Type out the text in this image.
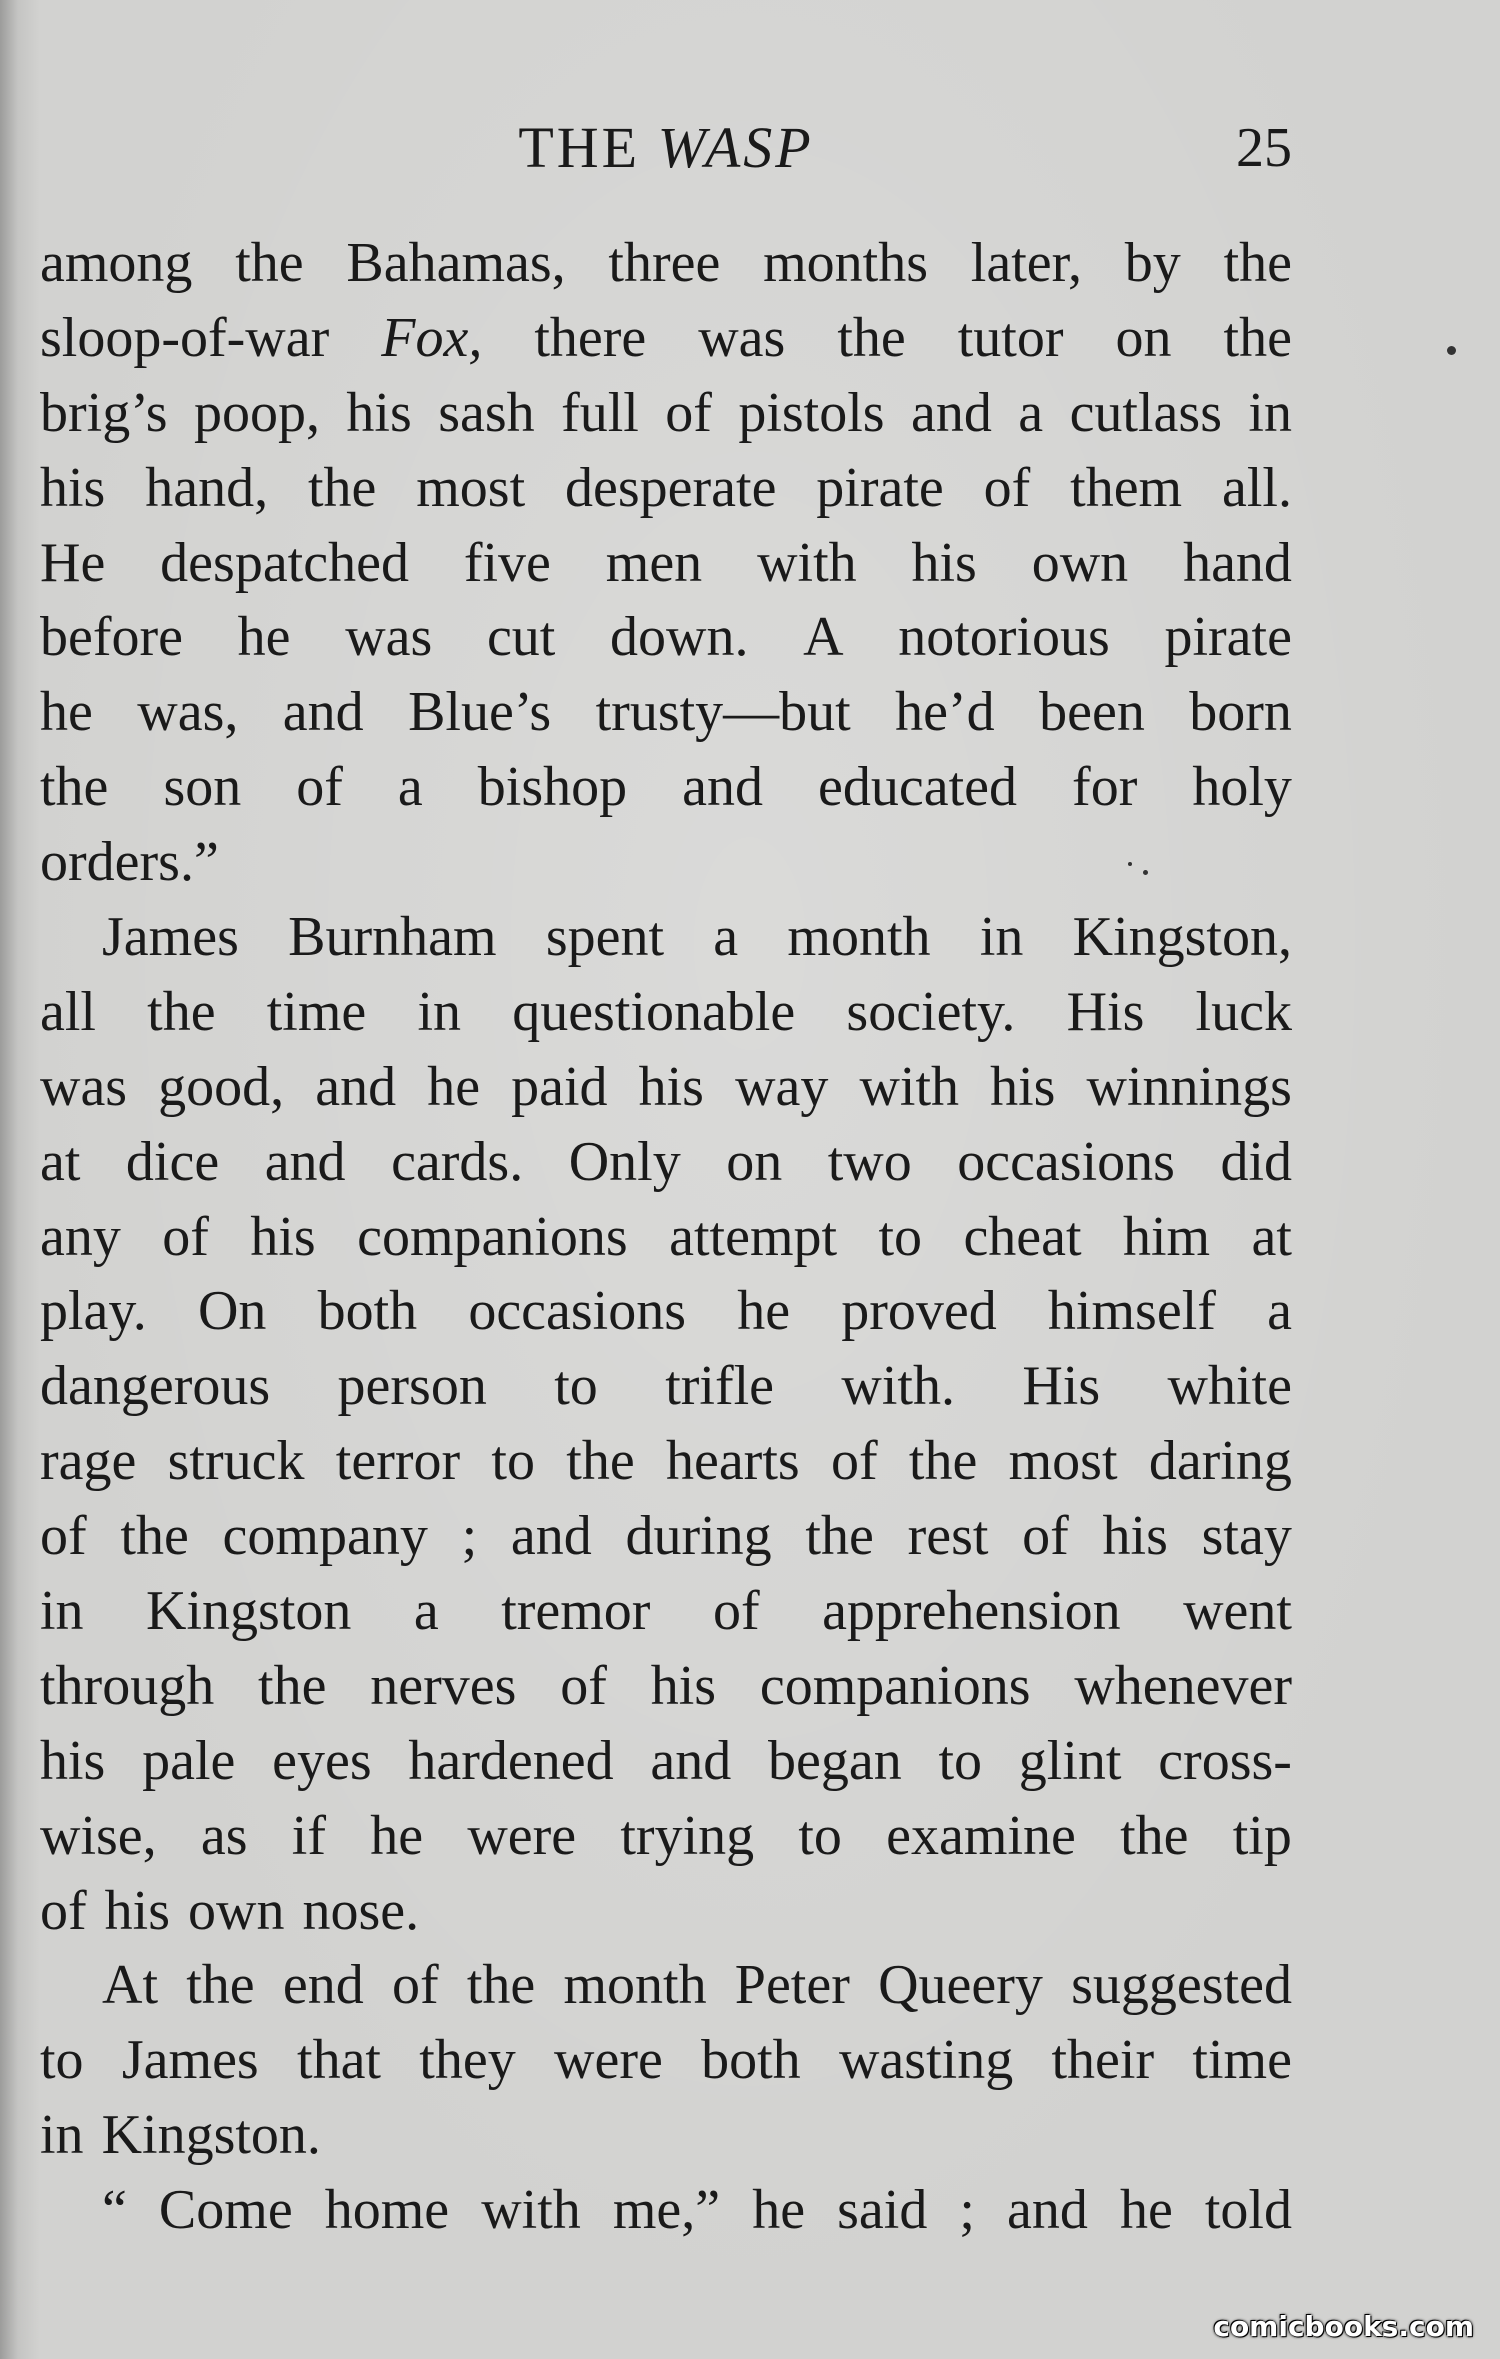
THE WASP	25
among the Bahamas, three months later, by the
sloop-of-war Fox, there was the tutor on the
brig’s poop, his sash full of pistols and a cutlass in
his hand, the most desperate pirate of them all.
He despatched five men with his own hand
before he was cut down. A notorious pirate
he was, and Blue’s trusty—but he’d been born
the son of a bishop and educated for holy
orders.”
James Burnham spent a month in Kingston,
all the time in questionable society. His luck
was good, and he paid his way with his winnings
at dice and cards. Only on two occasions did
any of his companions attempt to cheat him at
play. On both occasions he proved himself a
dangerous person to trifle with. His white
rage struck terror to the hearts of the most daring
of the company ; and during the rest of his stay
in Kingston a tremor of apprehension went
through the nerves of his companions whenever
his pale eyes hardened and began to glint cross-
wise, as if he were trying to examine the tip
of his own nose.
At the end of the month Peter Queery suggested
to James that they were both wasting their time
in Kingston.
“ Come home with me,” he said ; and he told
comicbooks.com
